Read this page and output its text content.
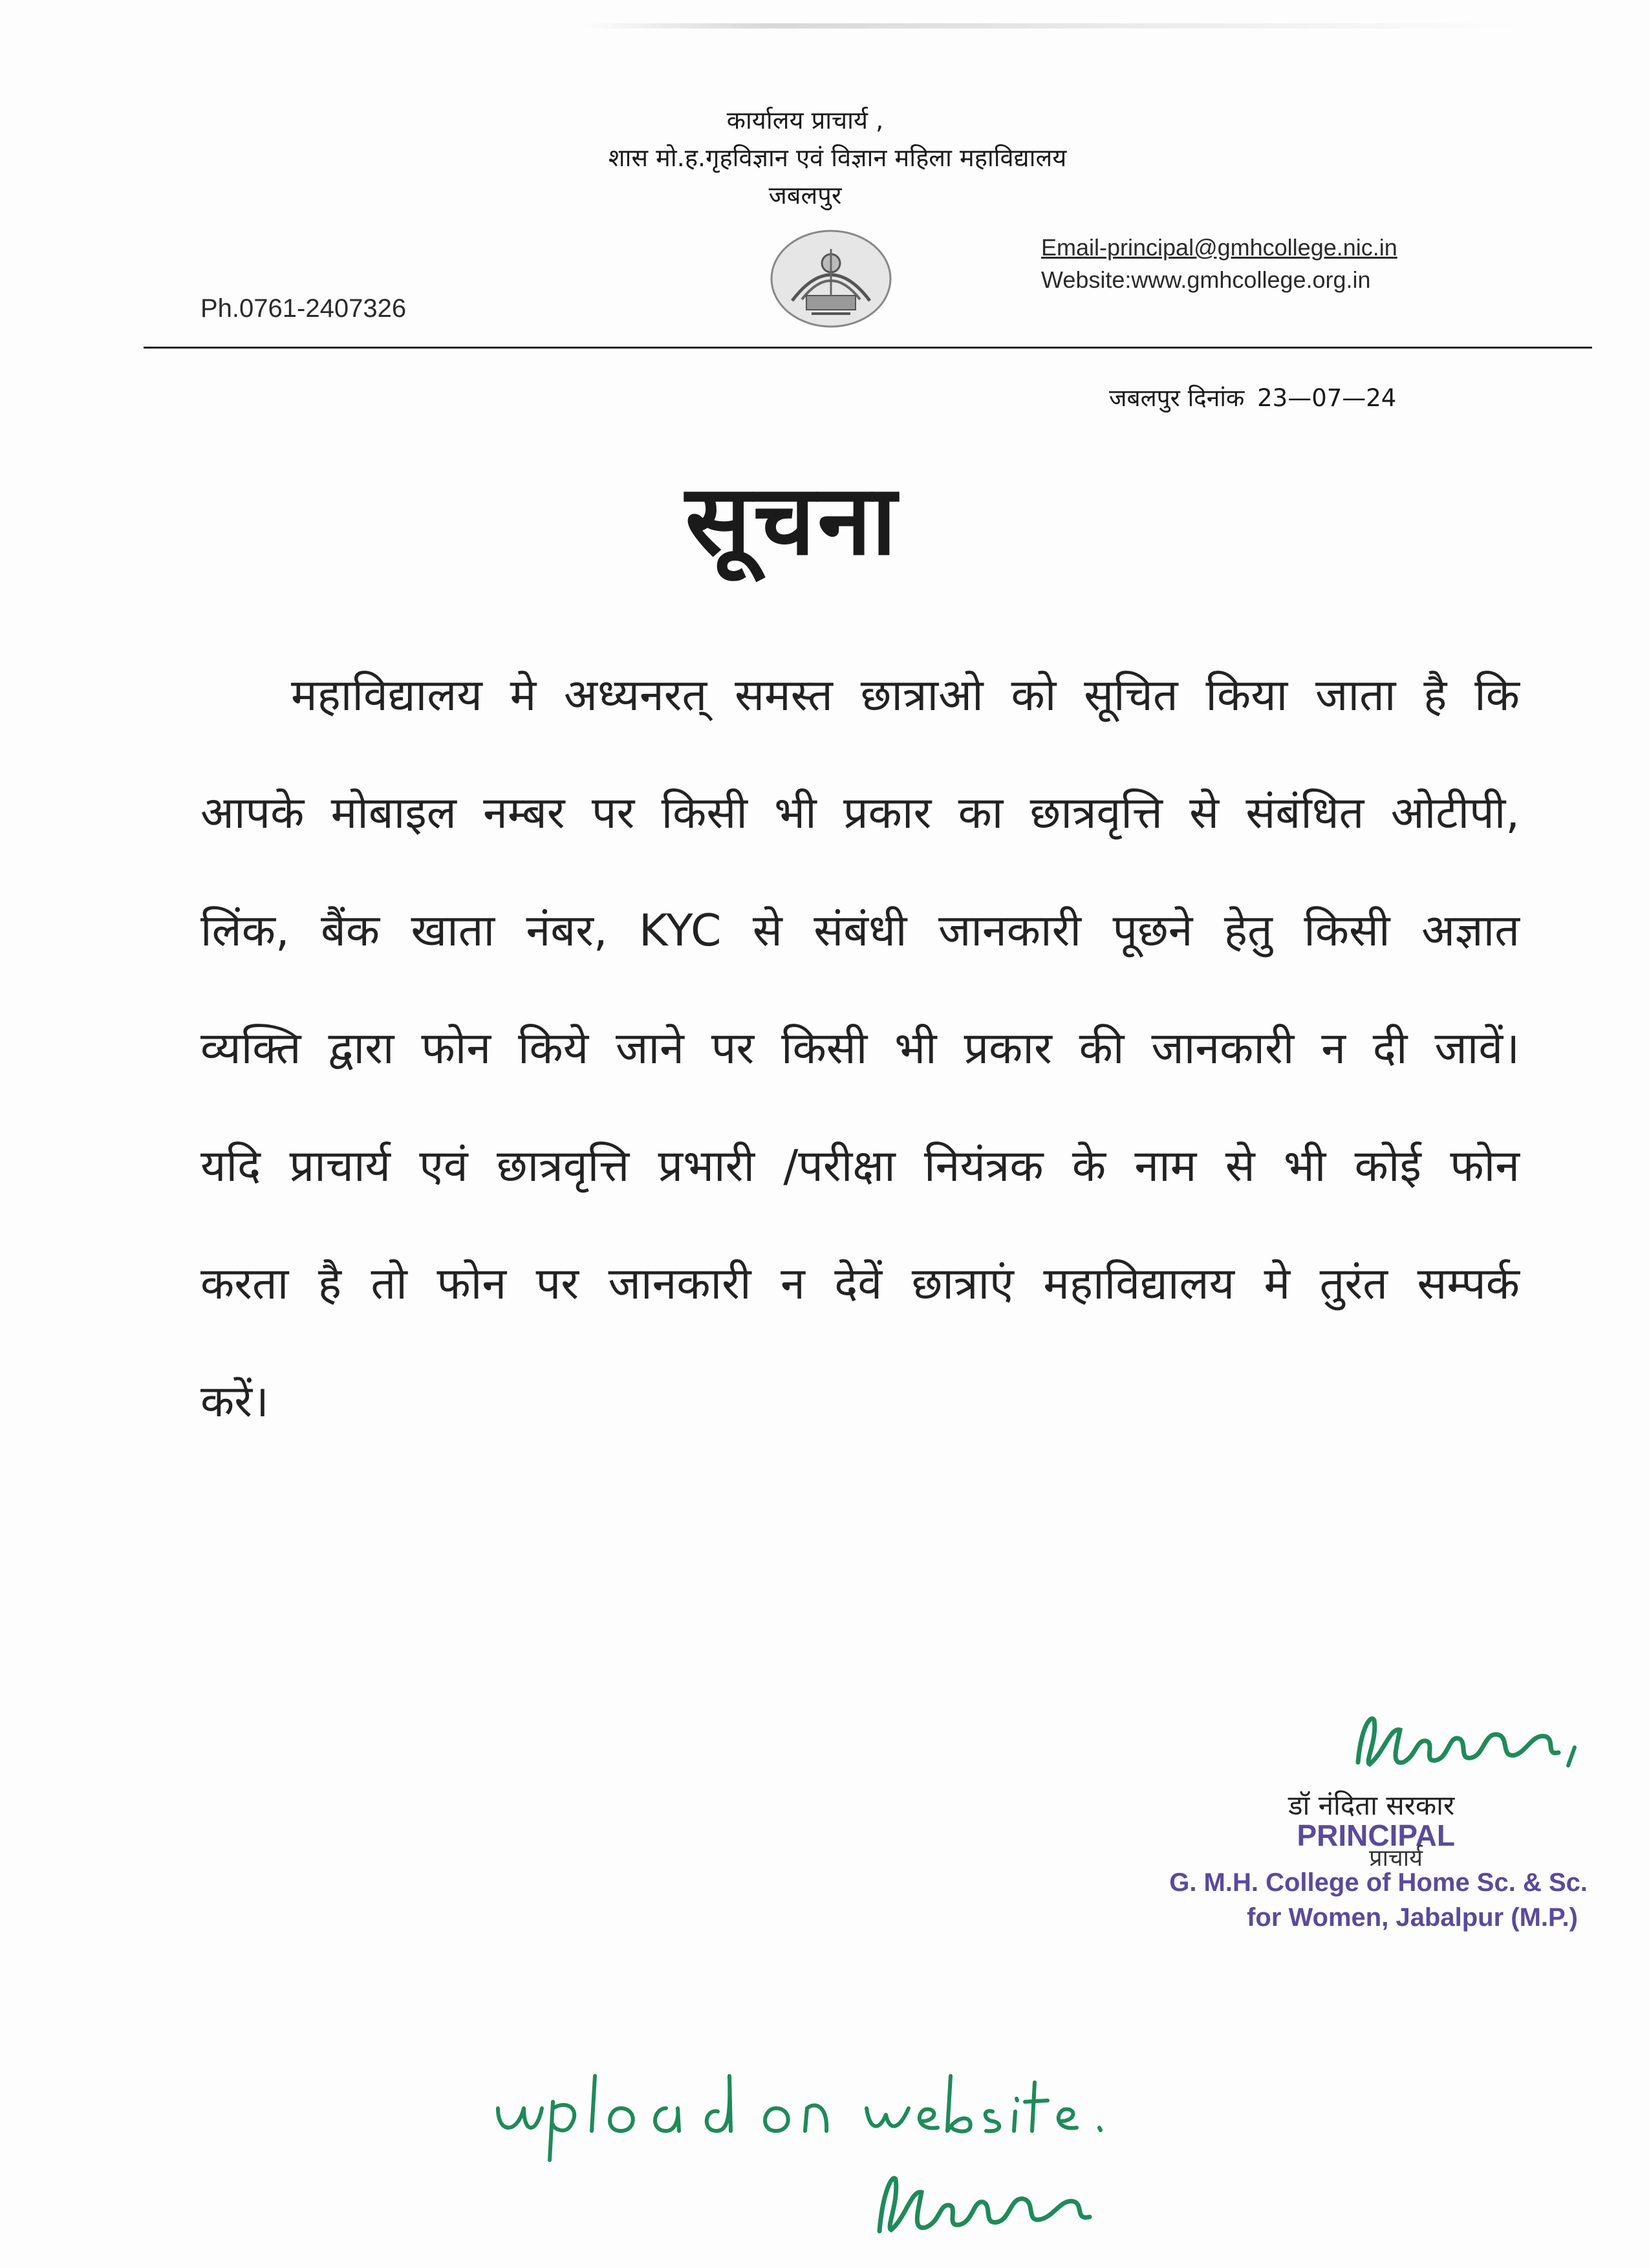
कार्यालय प्राचार्य ,
शास मो.ह.गृहविज्ञान एवं विज्ञान महिला महाविद्यालय
जबलपुर
Email-principal@gmhcollege.nic.in
Website:www.gmhcollege.org.in
Ph.0761-2407326
जबलपुर दिनांक 23—07—24
सूचना
महाविद्यालय मे अध्यनरत् समस्त छात्राओ को सूचित किया जाता है कि आपके मोबाइल नम्बर पर किसी भी प्रकार का छात्रवृत्ति से संबंधित ओटीपी, लिंक, बैंक खाता नंबर, KYC से संबंधी जानकारी पूछने हेतु किसी अज्ञात व्यक्ति द्वारा फोन किये जाने पर किसी भी प्रकार की जानकारी न दी जावें। यदि प्राचार्य एवं छात्रवृत्ति प्रभारी /परीक्षा नियंत्रक के नाम से भी कोई फोन करता है तो फोन पर जानकारी न देवें छात्राएं महाविद्यालय मे तुरंत सम्पर्क करें।
डॉ नंदिता सरकार
PRINCIPAL
प्राचार्य
G. M.H. College of Home Sc. & Sc.
for Women, Jabalpur (M.P.)
